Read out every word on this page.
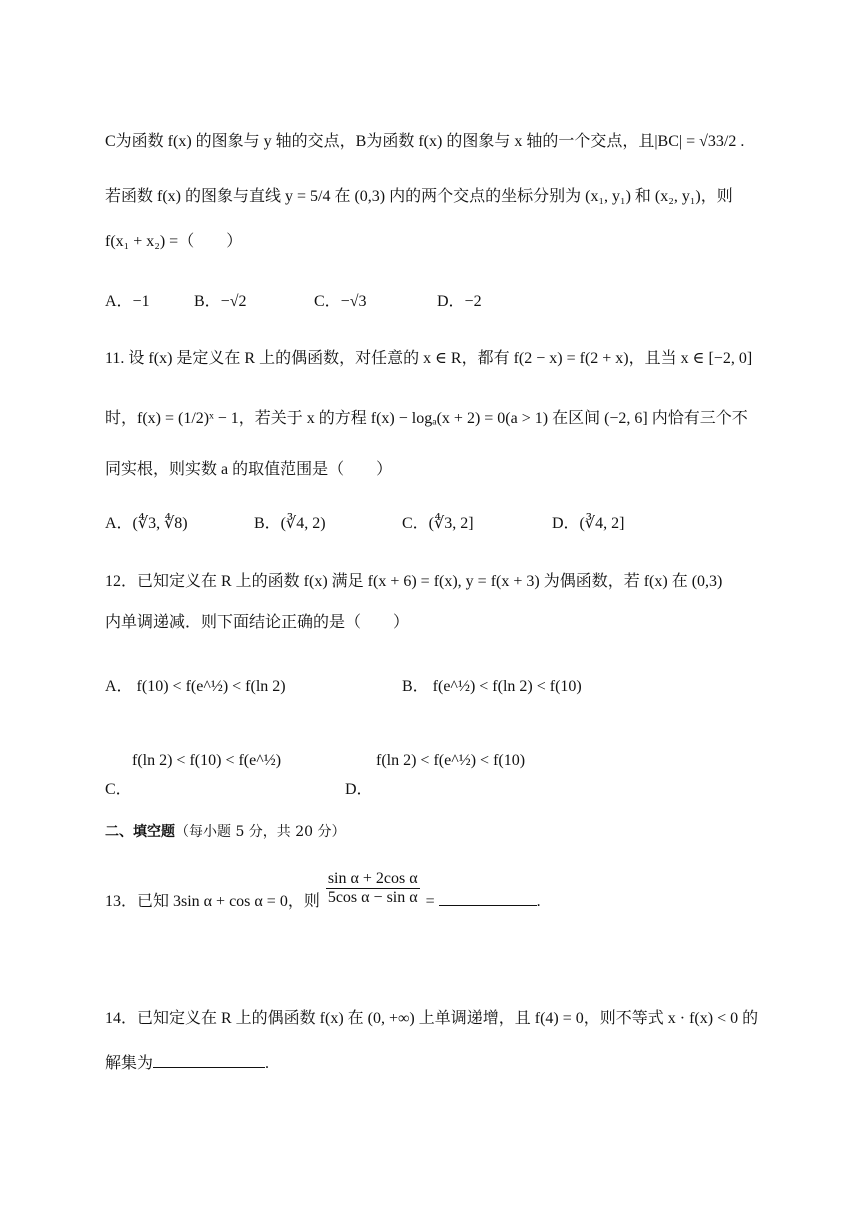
C为函数 f(x) 的图象与 y 轴的交点，B为函数 f(x) 的图象与 x 轴的一个交点，且|BC| = √33/2 .
若函数 f(x) 的图象与直线 y = 5/4 在 (0,3) 内的两个交点的坐标分别为 (x₁, y₁) 和 (x₂, y₁)，则
f(x₁ + x₂) =（　　）
A．−1	B．−√2	C．−√3	D．−2
11. 设 f(x) 是定义在 R 上的偶函数，对任意的 x ∈ R，都有 f(2 − x) = f(2 + x)，且当 x ∈ [−2, 0]
时，f(x) = (1/2)ˣ − 1，若关于 x 的方程 f(x) − logₐ(x + 2) = 0(a > 1) 在区间 (−2, 6] 内恰有三个不
同实根，则实数 a 的取值范围是（　　）
A．(∜3, ∜8)	B．(∛4, 2)	C．(∜3, 2]	D．(∛4, 2]
12．已知定义在 R 上的函数 f(x) 满足 f(x + 6) = f(x), y = f(x + 3) 为偶函数，若 f(x) 在 (0,3)
内单调递减．则下面结论正确的是（　　）
A． f(10) < f(e^½) < f(ln 2)	B． f(e^½) < f(ln 2) < f(10)
f(ln 2) < f(10) < f(e^½)
C．
f(ln 2) < f(e^½) < f(10)
D．
二、填空题（每小题 5 分，共 20 分）
13．已知 3sin α + cos α = 0，则 $\frac{\text{sin α + 2cos α}}{\text{5cos α − sin α}}$ =	.
14．已知定义在 R 上的偶函数 f(x) 在 (0, +∞) 上单调递增，且 f(4) = 0，则不等式 x · f(x) < 0 的
解集为	.
